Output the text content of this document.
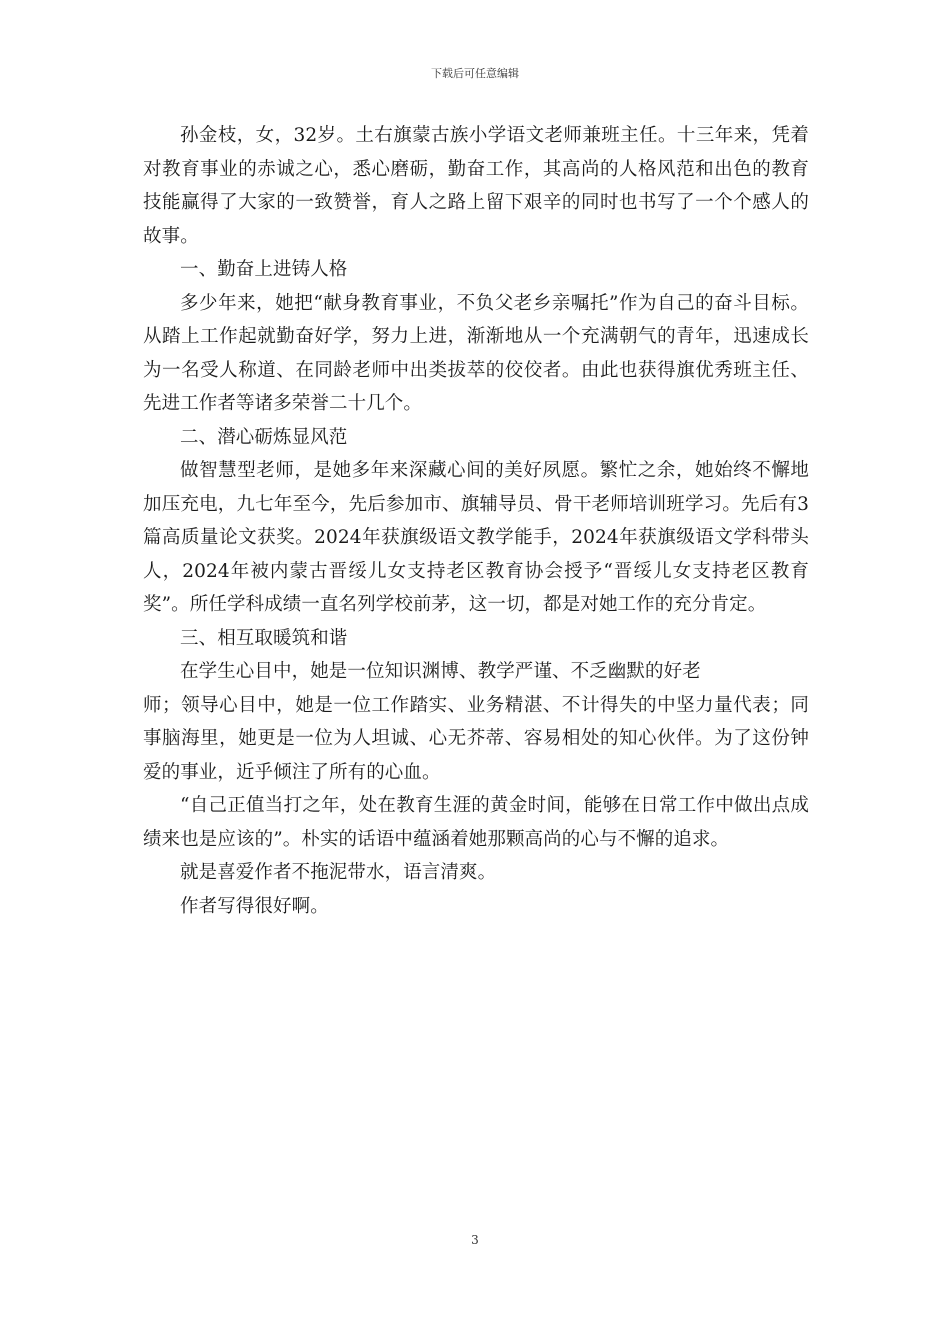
下载后可任意编辑

孙金枝，女，32岁。土右旗蒙古族小学语文老师兼班主任。十三年来，凭着对教育事业的赤诚之心，悉心磨砺，勤奋工作，其高尚的人格风范和出色的教育技能赢得了大家的一致赞誉，育人之路上留下艰辛的同时也书写了一个个感人的故事。

一、勤奋上进铸人格

多少年来，她把“献身教育事业，不负父老乡亲嘱托”作为自己的奋斗目标。从踏上工作起就勤奋好学，努力上进，渐渐地从一个充满朝气的青年，迅速成长为一名受人称道、在同龄老师中出类拔萃的佼佼者。由此也获得旗优秀班主任、先进工作者等诸多荣誉二十几个。

二、潜心砺炼显风范

做智慧型老师，是她多年来深藏心间的美好夙愿。繁忙之余，她始终不懈地加压充电，九七年至今，先后参加市、旗辅导员、骨干老师培训班学习。先后有3篇高质量论文获奖。2024年获旗级语文教学能手，2024年获旗级语文学科带头人，2024年被内蒙古晋绥儿女支持老区教育协会授予“晋绥儿女支持老区教育奖”。所任学科成绩一直名列学校前茅，这一切，都是对她工作的充分肯定。

三、相互取暖筑和谐

在学生心目中，她是一位知识渊博、教学严谨、不乏幽默的好老

师；领导心目中，她是一位工作踏实、业务精湛、不计得失的中坚力量代表；同事脑海里，她更是一位为人坦诚、心无芥蒂、容易相处的知心伙伴。为了这份钟爱的事业，近乎倾注了所有的心血。

“自己正值当打之年，处在教育生涯的黄金时间，能够在日常工作中做出点成绩来也是应该的”。朴实的话语中蕴涵着她那颗高尚的心与不懈的追求。

就是喜爱作者不拖泥带水，语言清爽。

作者写得很好啊。

3
